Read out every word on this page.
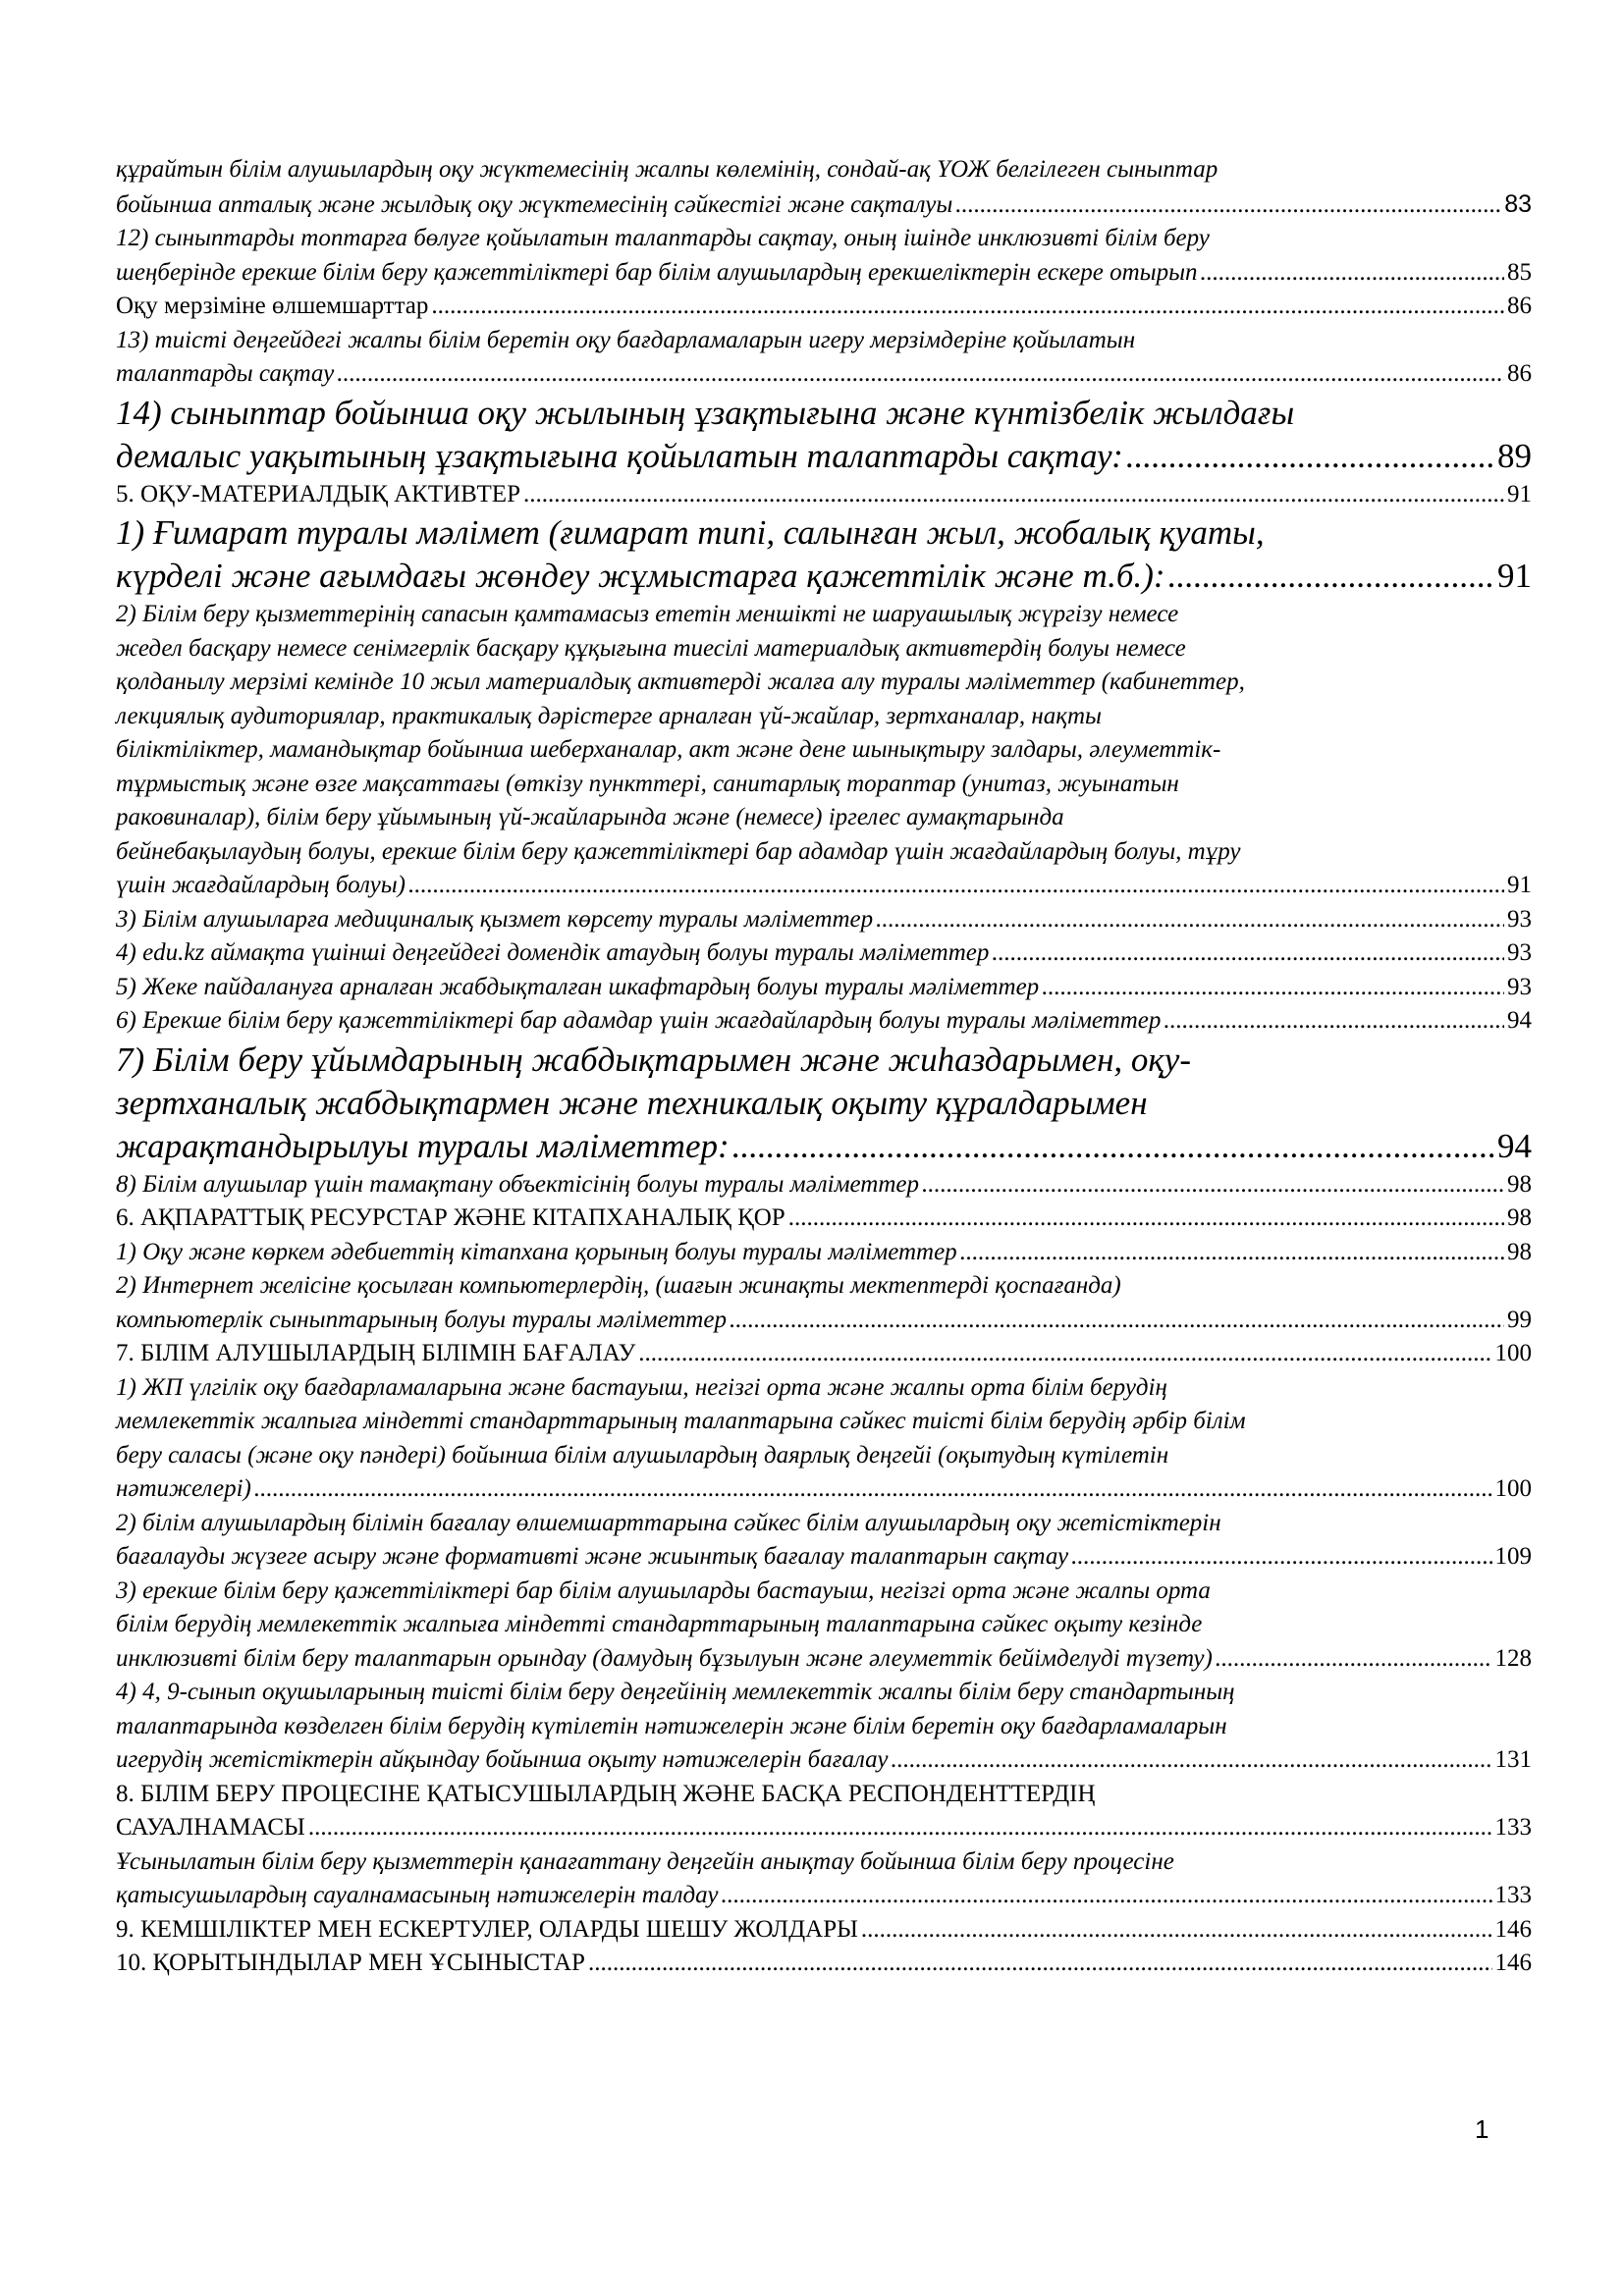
құрайтын білім алушылардың оқу жүктемесінің жалпы көлемінің, сондай-ақ ҮОЖ белгілеген сыныптар
бойынша апталық және жылдық оқу жүктемесінің сәйкестігі және сақталуы .....	83
12) сыныптарды топтарға бөлуге қойылатын талаптарды сақтау, оның ішінде инклюзивті білім беру
шеңберінде ерекше білім беру қажеттіліктері бар білім алушылардың ерекшеліктерін ескере отырып .....	85
Оқу мерзіміне өлшемшарттар .....	86
13) тиісті деңгейдегі жалпы білім беретін оқу бағдарламаларын игеру мерзімдеріне қойылатын
талаптарды сақтау .....	86
14) сыныптар бойынша оқу жылының ұзақтығына және күнтізбелік жылдағы
демалыс уақытының ұзақтығына қойылатын талаптарды сақтау: .....	89
5. ОҚУ-МАТЕРИАЛДЫҚ АКТИВТЕР .....	91
1) Ғимарат туралы мәлімет (ғимарат типі, салынған жыл, жобалық қуаты,
күрделі және ағымдағы жөндеу жұмыстарға қажеттілік және т.б.): .....	91
2) Білім беру қызметтерінің сапасын қамтамасыз ететін меншікті не шаруашылық жүргізу немесе
жедел басқару немесе сенімгерлік басқару құқығына тиесілі материалдық активтердің болуы немесе
қолданылу мерзімі кемінде 10 жыл материалдық активтерді жалға алу туралы мәліметтер (кабинеттер,
лекциялық аудиториялар, практикалық дәрістерге арналған үй-жайлар, зертханалар, нақты
біліктіліктер, мамандықтар бойынша шеберханалар, акт және дене шынықтыру залдары, әлеуметтік-
тұрмыстық және өзге мақсаттағы (өткізу пункттері, санитарлық тораптар (унитаз, жуынатын
раковиналар), білім беру ұйымының үй-жайларында және (немесе) іргелес аумақтарында
бейнебақылаудың болуы, ерекше білім беру қажеттіліктері бар адамдар үшін жағдайлардың болуы, тұру
үшін жағдайлардың болуы) .....	91
3) Білім алушыларға медициналық қызмет көрсету туралы мәліметтер .....	93
4) edu.kz аймақта үшінші деңгейдегі домендік атаудың болуы туралы мәліметтер .....	93
5) Жеке пайдалануға арналған жабдықталған шкафтардың болуы туралы мәліметтер .....	93
6) Ерекше білім беру қажеттіліктері бар адамдар үшін жағдайлардың болуы туралы мәліметтер .....	94
7) Білім беру ұйымдарының жабдықтарымен және жиһаздарымен, оқу-
зертханалық жабдықтармен және техникалық оқыту құралдарымен
жарақтандырылуы туралы мәліметтер: .....	94
8) Білім алушылар үшін тамақтану объектісінің болуы туралы мәліметтер .....	98
6. АҚПАРАТТЫҚ РЕСУРСТАР ЖӘНЕ КІТАПХАНАЛЫҚ ҚОР .....	98
1) Оқу және көркем әдебиеттің кітапхана қорының болуы туралы мәліметтер .....	98
2) Интернет желісіне қосылған компьютерлердің, (шағын жинақты мектептерді қоспағанда)
компьютерлік сыныптарының болуы туралы мәліметтер .....	99
7. БІЛІМ АЛУШЫЛАРДЫҢ БІЛІМІН БАҒАЛАУ .....	100
1) ЖП үлгілік оқу бағдарламаларына және бастауыш, негізгі орта және жалпы орта білім берудің
мемлекеттік жалпыға міндетті стандарттарының талаптарына сәйкес тиісті білім берудің әрбір білім
беру саласы (және оқу пәндері) бойынша білім алушылардың даярлық деңгейі (оқытудың күтілетін
нәтижелері) .....	100
2) білім алушылардың білімін бағалау өлшемшарттарына сәйкес білім алушылардың оқу жетістіктерін
бағалауды жүзеге асыру және формативті және жиынтық бағалау талаптарын сақтау .....	109
3) ерекше білім беру қажеттіліктері бар білім алушыларды бастауыш, негізгі орта және жалпы орта
білім берудің мемлекеттік жалпыға міндетті стандарттарының талаптарына сәйкес оқыту кезінде
инклюзивті білім беру талаптарын орындау (дамудың бұзылуын және әлеуметтік бейімделуді түзету) .....	128
4) 4, 9-сынып оқушыларының тиісті білім беру деңгейінің мемлекеттік жалпы білім беру стандартының
талаптарында көзделген білім берудің күтілетін нәтижелерін және білім беретін оқу бағдарламаларын
игерудің жетістіктерін айқындау бойынша оқыту нәтижелерін бағалау .....	131
8. БІЛІМ БЕРУ ПРОЦЕСІНЕ ҚАТЫСУШЫЛАРДЫҢ ЖӘНЕ БАСҚА РЕСПОНДЕНТТЕРДІҢ
САУАЛНАМАСЫ .....	133
Ұсынылатын білім беру қызметтерін қанағаттану деңгейін анықтау бойынша білім беру процесіне
қатысушылардың сауалнамасының нәтижелерін талдау .....	133
9. КЕМШІЛІКТЕР МЕН ЕСКЕРТУЛЕР, ОЛАРДЫ ШЕШУ ЖОЛДАРЫ .....	146
10. ҚОРЫТЫНДЫЛАР МЕН ҰСЫНЫСТАР .....	146
1
